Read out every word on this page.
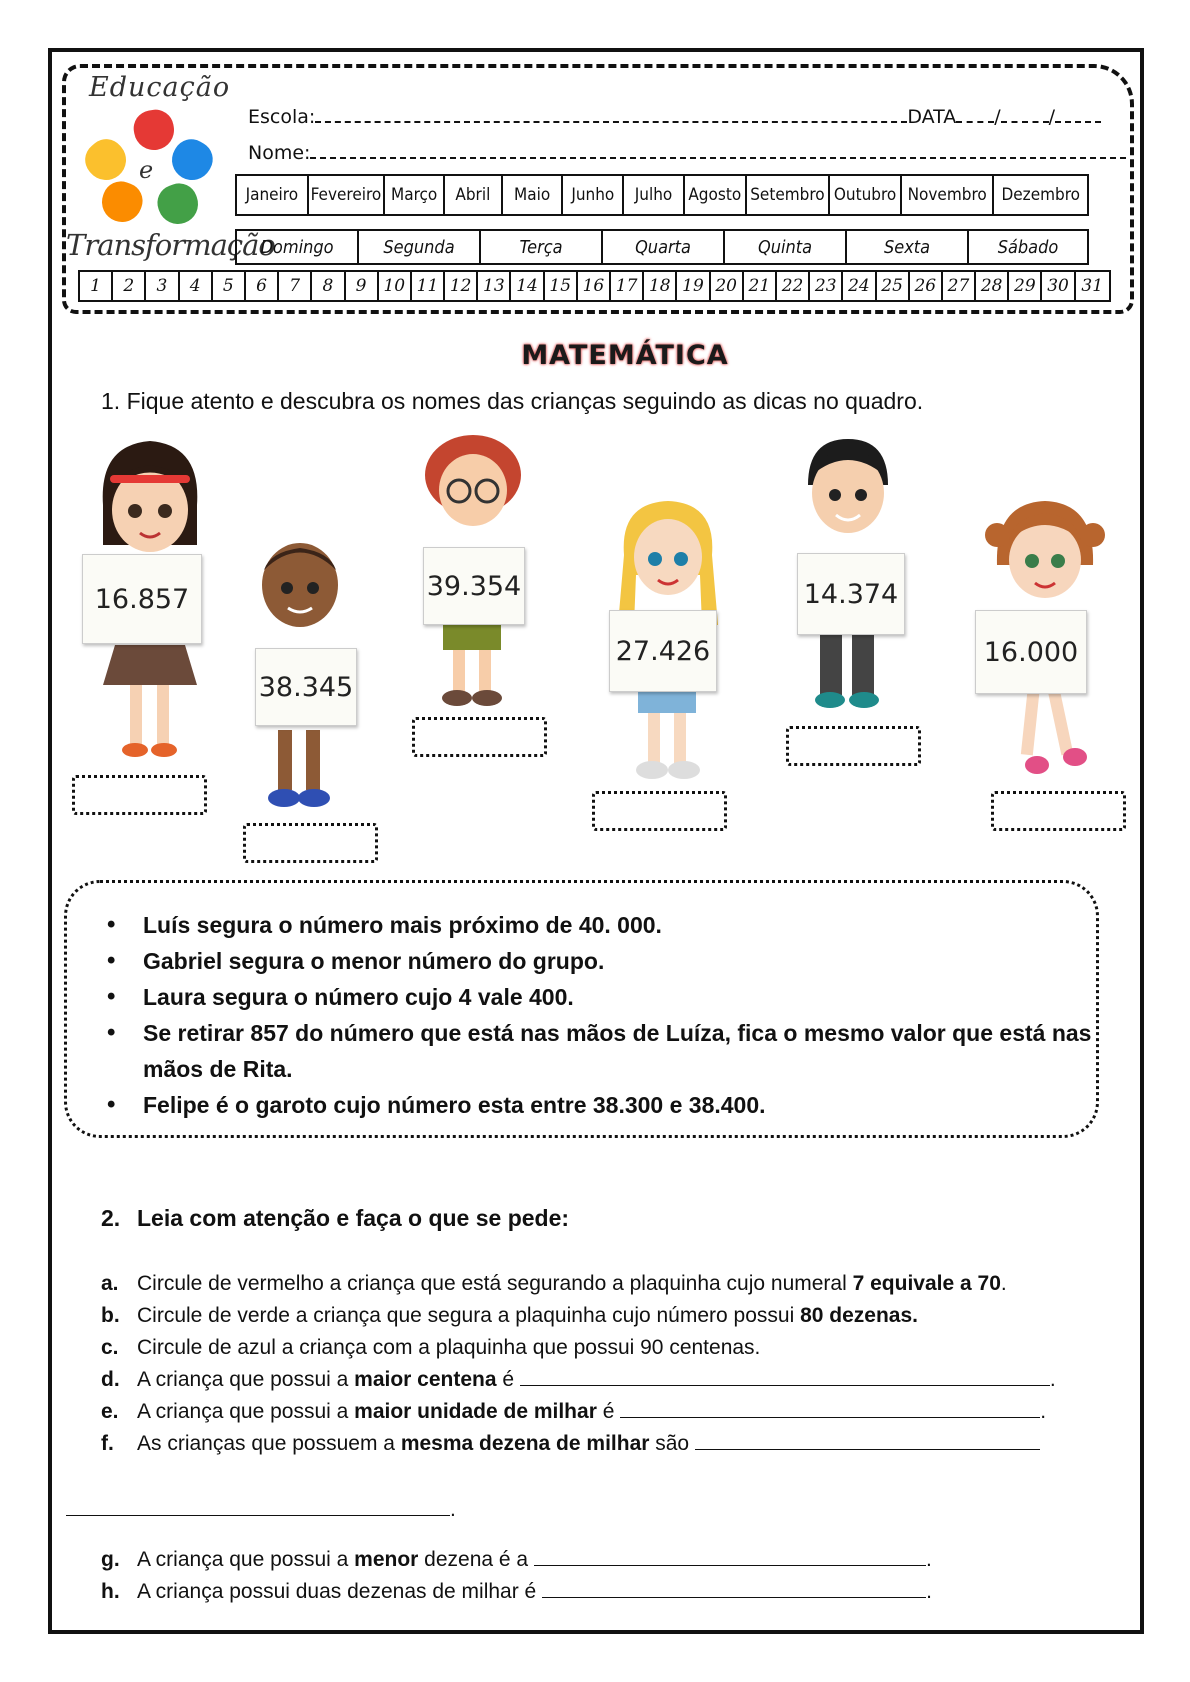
Educação
e
Transformação
Escola:	DATA /	/
Nome:
Janeiro Fevereiro Março	Abril	Maio	Junho	Julho Agosto Setembro Outubro Novembro Dezembro
Domingo	Segunda	Terça	Quarta	Quinta	Sexta	Sábado
1	2	3	4	5	6	7	8	9 10 11 12 13 14 15 16 17 18 19 20 21 22 23 24 25 26 27 28 29 30 31
MATEMÁTICA
1. Fique atento e descubra os nomes das crianças seguindo as dicas no quadro.
16.857
38.345
39.354
27.426
14.374
16.000
• Luís segura o número mais próximo de 40. 000.
• Gabriel segura o menor número do grupo.
• Laura segura o número cujo 4 vale 400.
• Se retirar 857 do número que está nas mãos de Luíza, fica o mesmo valor que está nas mãos de Rita.
• Felipe é o garoto cujo número esta entre 38.300 e 38.400.
2. Leia com atenção e faça o que se pede:
a. Circule de vermelho a criança que está segurando a plaquinha cujo numeral 7 equivale a 70.
b. Circule de verde a criança que segura a plaquinha cujo número possui 80 dezenas.
c. Circule de azul a criança com a plaquinha que possui 90 centenas.
d. A criança que possui a maior centena é	.
e. A criança que possui a maior unidade de milhar é	.
f. As crianças que possuem a mesma dezena de milhar são
.
g. A criança que possui a menor dezena é a	.
h. A criança possui duas dezenas de milhar é	.
